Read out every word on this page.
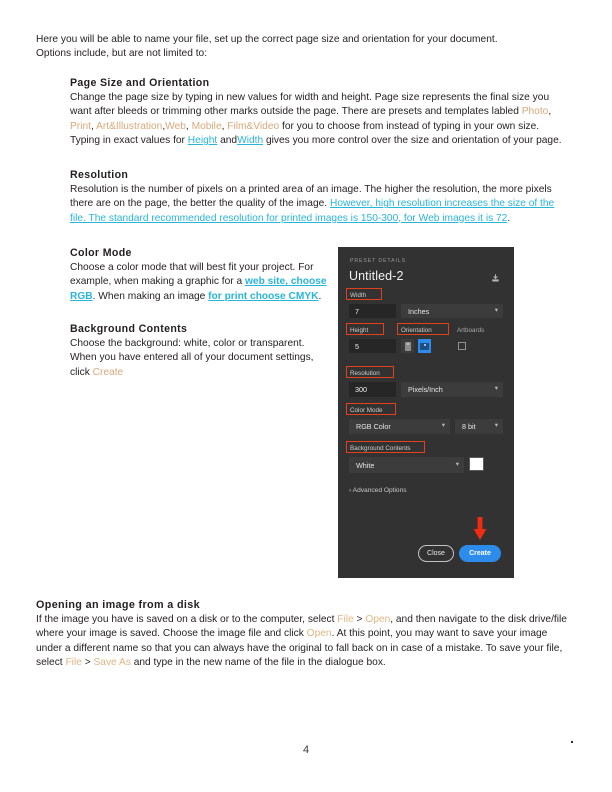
Here you will be able to name your file, set up the correct page size and orientation for your document.
Options include, but are not limited to:
Page Size and Orientation
Change the page size by typing in new values for width and height. Page size represents the final size you want after bleeds or trimming other marks outside the page. There are presets and templates labled Photo, Print, Art&Illustration,Web, Mobile, Film&Video for you to choose from instead of typing in your own size. Typing in exact values for Height andWidth gives you more control over the size and orientation of your page.
Resolution
Resolution is the number of pixels on a printed area of an image. The higher the resolution, the more pixels there are on the page, the better the quality of the image. However, high resolution increases the size of the file. The standard recommended resolution for printed images is 150-300, for Web images it is 72.
Color Mode
Choose a color mode that will best fit your project. For example, when making a graphic for a web site, choose RGB. When making an image for print choose CMYK.
Background Contents
Choose the background: white, color or transparent. When you have entered all of your document settings, click Create
PRESET DETAILS
Untitled-2
Width
7	Inches	▾
Height	Orientation	Artboards
5
Resolution
300	Pixels/Inch	▾
Color Mode
RGB Color	▾ 8 bit	▾
Background Contents
White	▾
› Advanced Options
Close	Create
Opening an image from a disk
If the image you have is saved on a disk or to the computer, select File > Open, and then navigate to the disk drive/file where your image is saved. Choose the image file and click Open. At this point, you may want to save your image under a different name so that you can always have the original to fall back on in case of a mistake. To save your file, select File > Save As and type in the new name of the file in the dialogue box.
4
